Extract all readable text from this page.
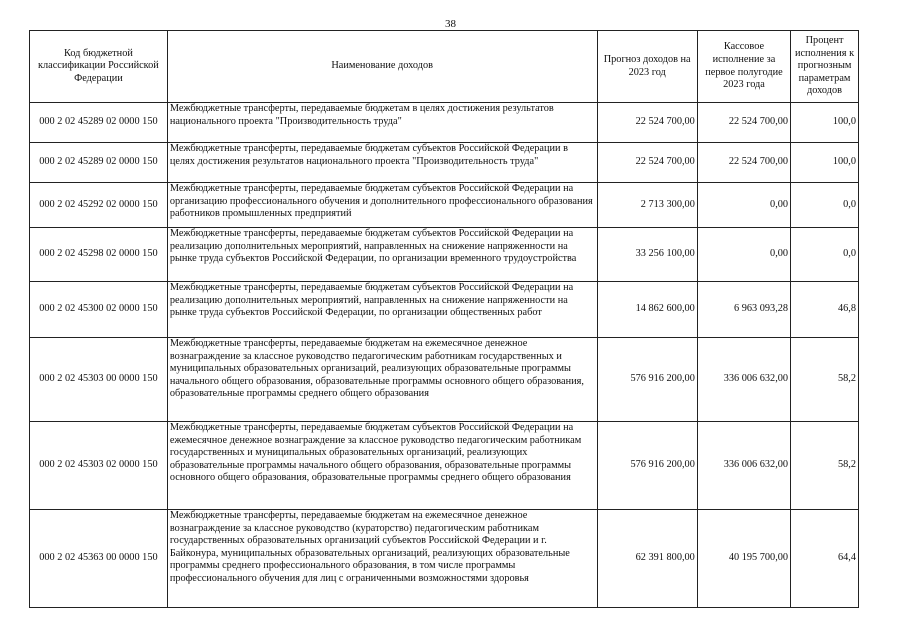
38
Код бюджетной классификации Российской Федерации	Наименование доходов	Прогноз доходов на 2023 год	Кассовое исполнение за первое полугодие 2023 года	Процент исполнения к прогнозным параметрам доходов
000 2 02 45289 02 0000 150	Межбюджетные трансферты, передаваемые бюджетам в целях достижения результатов национального проекта "Производительность труда"	22 524 700,00	22 524 700,00	100,0
000 2 02 45289 02 0000 150	Межбюджетные трансферты, передаваемые бюджетам субъектов Российской Федерации в целях достижения результатов национального проекта "Производительность труда"	22 524 700,00	22 524 700,00	100,0
000 2 02 45292 02 0000 150	Межбюджетные трансферты, передаваемые бюджетам субъектов Российской Федерации на организацию профессионального обучения и дополнительного профессионального образования работников промышленных предприятий	2 713 300,00	0,00	0,0
000 2 02 45298 02 0000 150	Межбюджетные трансферты, передаваемые бюджетам субъектов Российской Федерации на реализацию дополнительных мероприятий, направленных на снижение напряженности на рынке труда субъектов Российской Федерации, по организации временного трудоустройства	33 256 100,00	0,00	0,0
000 2 02 45300 02 0000 150	Межбюджетные трансферты, передаваемые бюджетам субъектов Российской Федерации на реализацию дополнительных мероприятий, направленных на снижение напряженности на рынке труда субъектов Российской Федерации, по организации общественных работ	14 862 600,00	6 963 093,28	46,8
000 2 02 45303 00 0000 150	Межбюджетные трансферты, передаваемые бюджетам на ежемесячное денежное вознаграждение за классное руководство педагогическим работникам государственных и муниципальных образовательных организаций, реализующих образовательные программы начального общего образования, образовательные программы основного общего образования, образовательные программы среднего общего образования	576 916 200,00	336 006 632,00	58,2
000 2 02 45303 02 0000 150	Межбюджетные трансферты, передаваемые бюджетам субъектов Российской Федерации на ежемесячное денежное вознаграждение за классное руководство педагогическим работникам государственных и муниципальных образовательных организаций, реализующих образовательные программы начального общего образования, образовательные программы основного общего образования, образовательные программы среднего общего образования	576 916 200,00	336 006 632,00	58,2
000 2 02 45363 00 0000 150	Межбюджетные трансферты, передаваемые бюджетам на ежемесячное денежное вознаграждение за классное руководство (кураторство) педагогическим работникам государственных образовательных организаций субъектов Российской Федерации и г. Байконура, муниципальных образовательных организаций, реализующих образовательные программы среднего профессионального образования, в том числе программы профессионального обучения для лиц с ограниченными возможностями здоровья	62 391 800,00	40 195 700,00	64,4
